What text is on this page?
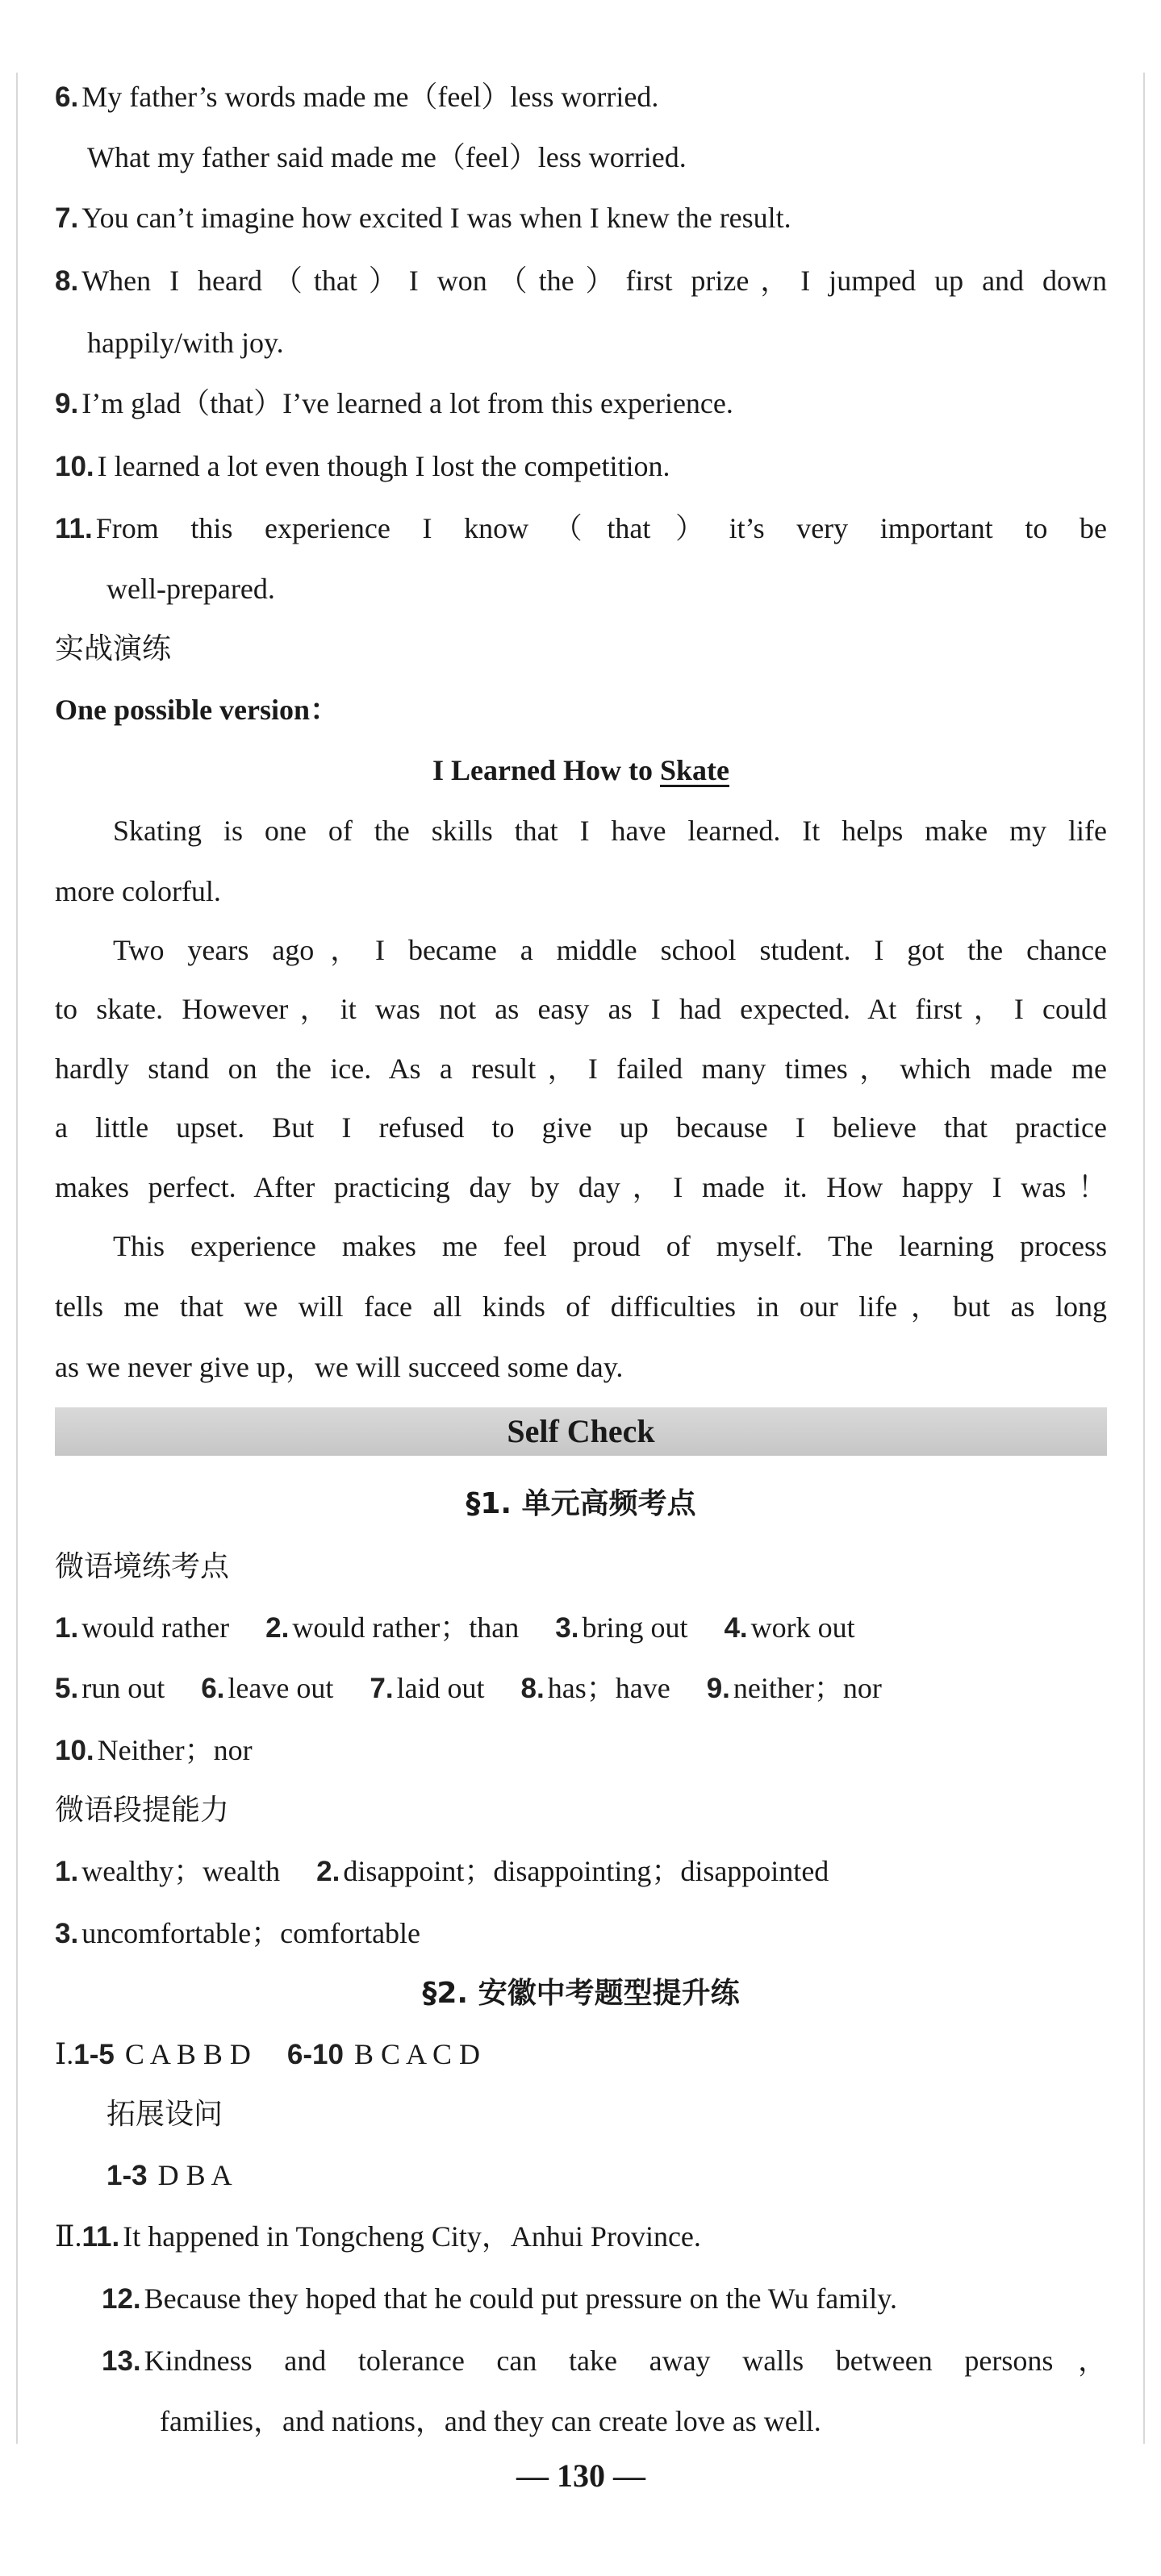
6. My father’s words made me（feel）less worried.
What my father said made me（feel）less worried.
7. You can’t imagine how excited I was when I knew the result.
8. When I heard（that）I won（the）first prize，I jumped up and down
happily/with joy.
9. I’m glad（that）I’ve learned a lot from this experience.
10. I learned a lot even though I lost the competition.
11. From this experience I know（that）it’s very important to be
well-prepared.
实战演练
One possible version：
I Learned How to Skate
Skating is one of the skills that I have learned. It helps make my life
more colorful.
Two years ago，I became a middle school student. I got the chance
to skate. However，it was not as easy as I had expected. At first，I could
hardly stand on the ice. As a result，I failed many times，which made me
a little upset. But I refused to give up because I believe that practice
makes perfect. After practicing day by day，I made it. How happy I was！
This experience makes me feel proud of myself. The learning process
tells me that we will face all kinds of difficulties in our life，but as long
as we never give up，we will succeed some day.
Self Check
§1. 单元高频考点
微语境练考点
1. would rather 2. would rather；than 3. bring out 4. work out
5. run out 6. leave out 7. laid out 8. has；have 9. neither；nor
10. Neither；nor
微语段提能力
1. wealthy；wealth 2. disappoint；disappointing；disappointed
3. uncomfortable；comfortable
§2. 安徽中考题型提升练
Ⅰ.1-5 C A B B D 6-10 B C A C D
拓展设问
1-3 D B A
Ⅱ.11. It happened in Tongcheng City，Anhui Province.
12. Because they hoped that he could put pressure on the Wu family.
13. Kindness and tolerance can take away walls between persons，
families，and nations，and they can create love as well.
— 130 —
